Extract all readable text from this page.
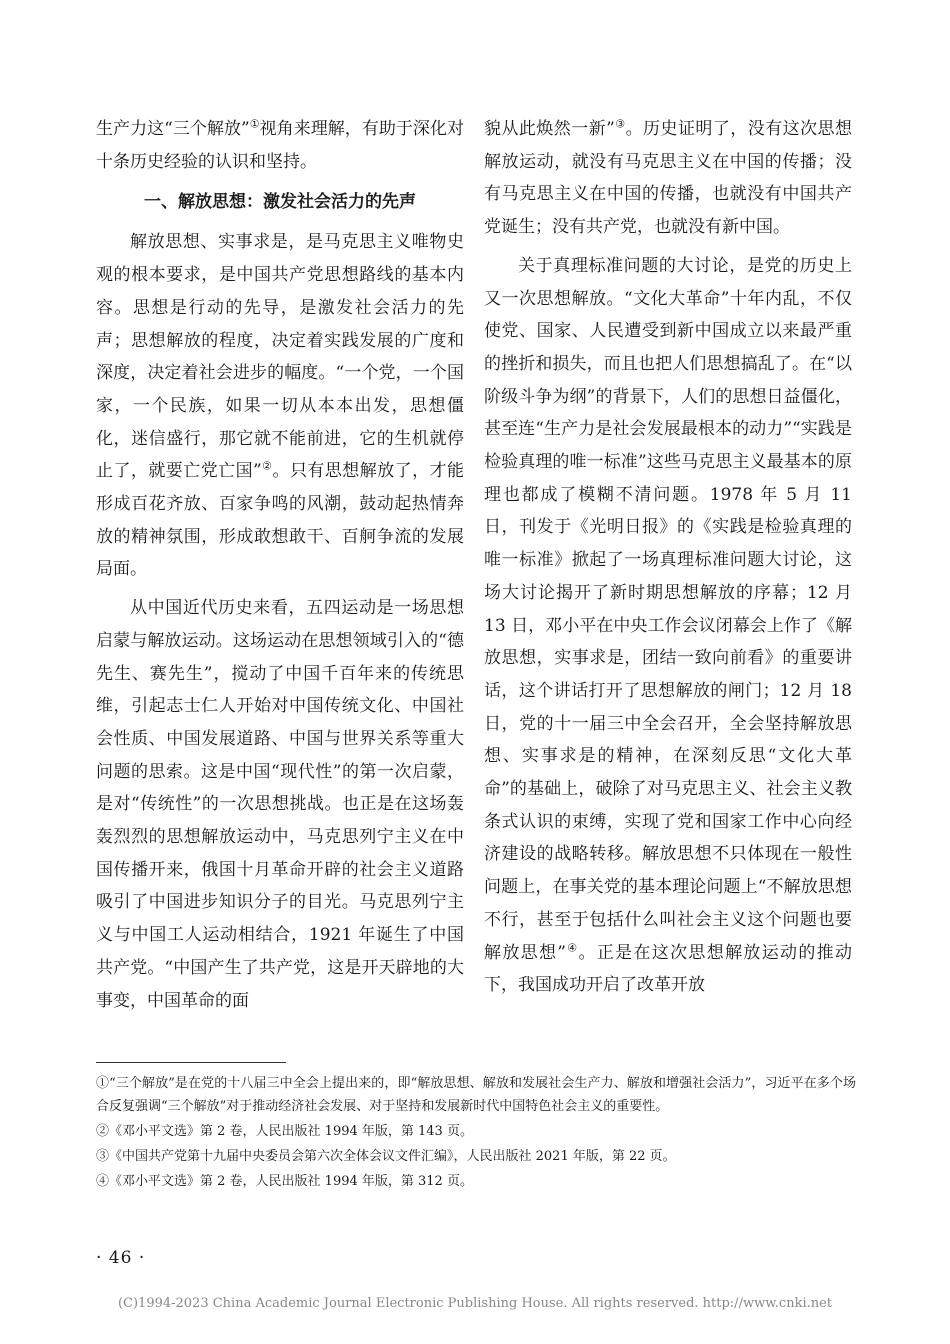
生产力这“三个解放”①视角来理解，有助于深化对十条历史经验的认识和坚持。

一、解放思想：激发社会活力的先声

解放思想、实事求是，是马克思主义唯物史观的根本要求，是中国共产党思想路线的基本内容。思想是行动的先导，是激发社会活力的先声；思想解放的程度，决定着实践发展的广度和深度，决定着社会进步的幅度。“一个党，一个国家，一个民族，如果一切从本本出发，思想僵化，迷信盛行，那它就不能前进，它的生机就停止了，就要亡党亡国”②。只有思想解放了，才能形成百花齐放、百家争鸣的风潮，鼓动起热情奔放的精神氛围，形成敢想敢干、百舸争流的发展局面。

从中国近代历史来看，五四运动是一场思想启蒙与解放运动。这场运动在思想领域引入的“德先生、赛先生”，搅动了中国千百年来的传统思维，引起志士仁人开始对中国传统文化、中国社会性质、中国发展道路、中国与世界关系等重大问题的思索。这是中国“现代性”的第一次启蒙，是对“传统性”的一次思想挑战。也正是在这场轰轰烈烈的思想解放运动中，马克思列宁主义在中国传播开来，俄国十月革命开辟的社会主义道路吸引了中国进步知识分子的目光。马克思列宁主义与中国工人运动相结合，1921 年诞生了中国共产党。“中国产生了共产党，这是开天辟地的大事变，中国革命的面

貌从此焕然一新”③。历史证明了，没有这次思想解放运动，就没有马克思主义在中国的传播；没有马克思主义在中国的传播，也就没有中国共产党诞生；没有共产党，也就没有新中国。

关于真理标准问题的大讨论，是党的历史上又一次思想解放。“文化大革命”十年内乱，不仅使党、国家、人民遭受到新中国成立以来最严重的挫折和损失，而且也把人们思想搞乱了。在“以阶级斗争为纲”的背景下，人们的思想日益僵化，甚至连“生产力是社会发展最根本的动力”“实践是检验真理的唯一标准”这些马克思主义最基本的原理也都成了模糊不清问题。1978 年 5 月 11 日，刊发于《光明日报》的《实践是检验真理的唯一标准》掀起了一场真理标准问题大讨论，这场大讨论揭开了新时期思想解放的序幕；12 月 13 日，邓小平在中央工作会议闭幕会上作了《解放思想，实事求是，团结一致向前看》的重要讲话，这个讲话打开了思想解放的闸门；12 月 18 日，党的十一届三中全会召开，全会坚持解放思想、实事求是的精神，在深刻反思“文化大革命”的基础上，破除了对马克思主义、社会主义教条式认识的束缚，实现了党和国家工作中心向经济建设的战略转移。解放思想不只体现在一般性问题上，在事关党的基本理论问题上“不解放思想不行，甚至于包括什么叫社会主义这个问题也要解放思想”④。正是在这次思想解放运动的推动下，我国成功开启了改革开放

①“三个解放”是在党的十八届三中全会上提出来的，即“解放思想、解放和发展社会生产力、解放和增强社会活力”，习近平在多个场合反复强调“三个解放”对于推动经济社会发展、对于坚持和发展新时代中国特色社会主义的重要性。

②《邓小平文选》第 2 卷，人民出版社 1994 年版，第 143 页。

③《中国共产党第十九届中央委员会第六次全体会议文件汇编》，人民出版社 2021 年版，第 22 页。

④《邓小平文选》第 2 卷，人民出版社 1994 年版，第 312 页。

· 46 ·
(C)1994-2023 China Academic Journal Electronic Publishing House. All rights reserved. http://www.cnki.net
